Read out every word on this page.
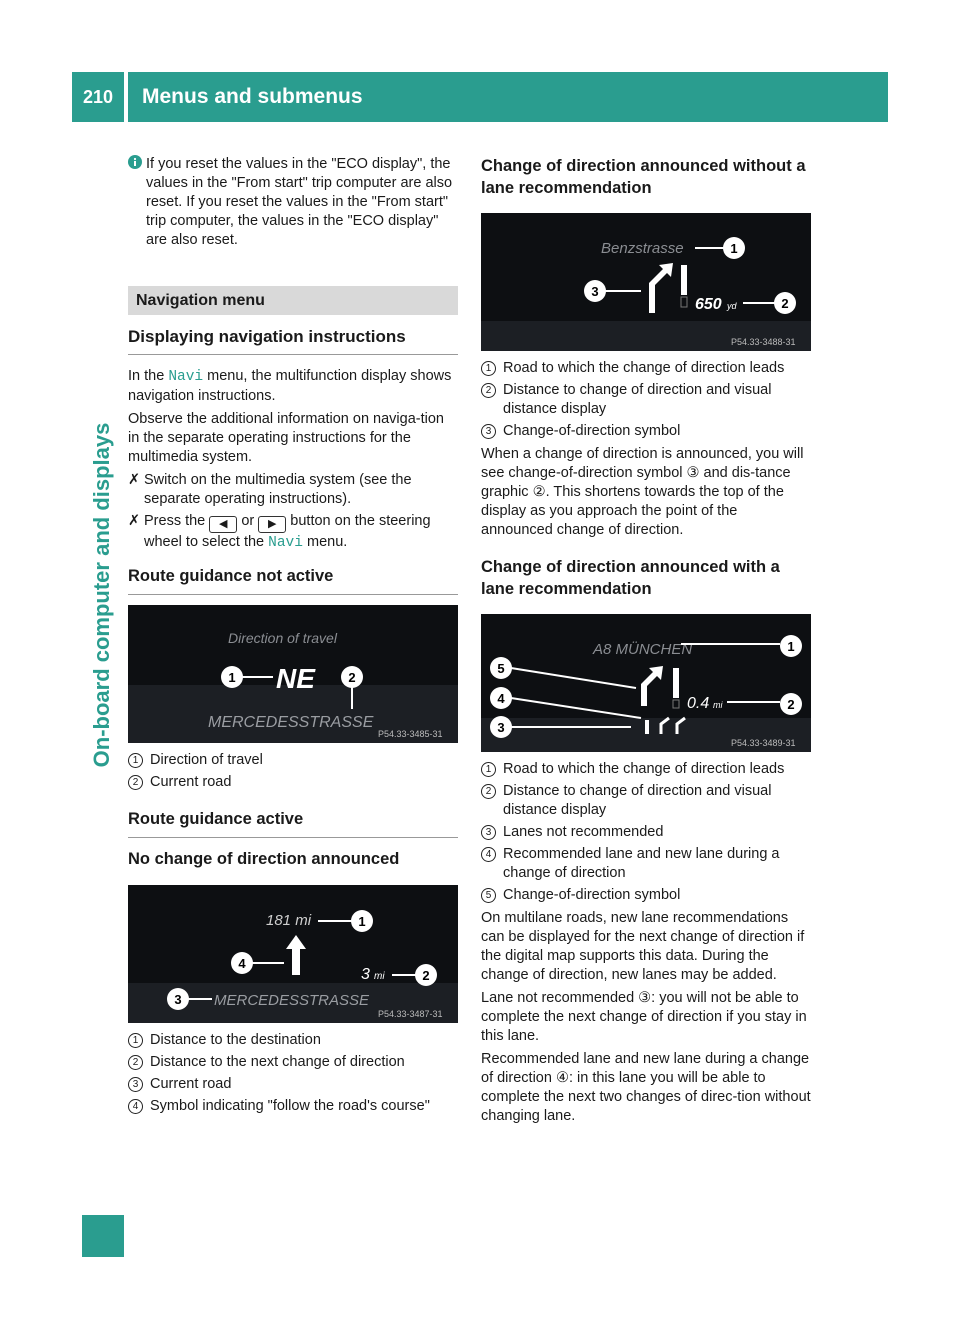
210	Menus and submenus
On-board computer and displays
If you reset the values in the "ECO display", the values in the "From start" trip computer are also reset. If you reset the values in the "From start" trip computer, the values in the "ECO display" are also reset.
Navigation menu
Displaying navigation instructions

In the Navi menu, the multifunction display shows navigation instructions.

Observe the additional information on naviga-tion in the separate operating instructions for the multimedia system.

✗ Switch on the multimedia system (see the separate operating instructions).
✗ Press the ◀ or ▶ button on the steering wheel to select the Navi menu.
Route guidance not active
Direction of travel
NE
MERCEDESSTRASSE
P54.33-3485-31
1	2
1 Direction of travel
2 Current road
Route guidance active
No change of direction announced
181 mi
3 mi
MERCEDESSTRASSE
P54.33-3487-31
1
2
3
4
1 Distance to the destination
2 Distance to the next change of direction
3 Current road
4 Symbol indicating "follow the road's course"
Change of direction announced without a lane recommendation
Benzstrasse
650 yd
P54.33-3488-31
1
2
3
1 Road to which the change of direction leads
2 Distance to change of direction and visual distance display
3 Change-of-direction symbol

When a change of direction is announced, you will see change-of-direction symbol ③ and dis-tance graphic ②. This shortens towards the top of the display as you approach the point of the announced change of direction.

Change of direction announced with a lane recommendation
A8 MÜNCHEN
0.4 mi
P54.33-3489-31
1
2
3
4
5
1 Road to which the change of direction leads
2 Distance to change of direction and visual distance display
3 Lanes not recommended
4 Recommended lane and new lane during a change of direction
5 Change-of-direction symbol

On multilane roads, new lane recommendations can be displayed for the next change of direction if the digital map supports this data. During the change of direction, new lanes may be added.

Lane not recommended ③: you will not be able to complete the next change of direction if you stay in this lane.

Recommended lane and new lane during a change of direction ④: in this lane you will be able to complete the next two changes of direc-tion without changing lane.
